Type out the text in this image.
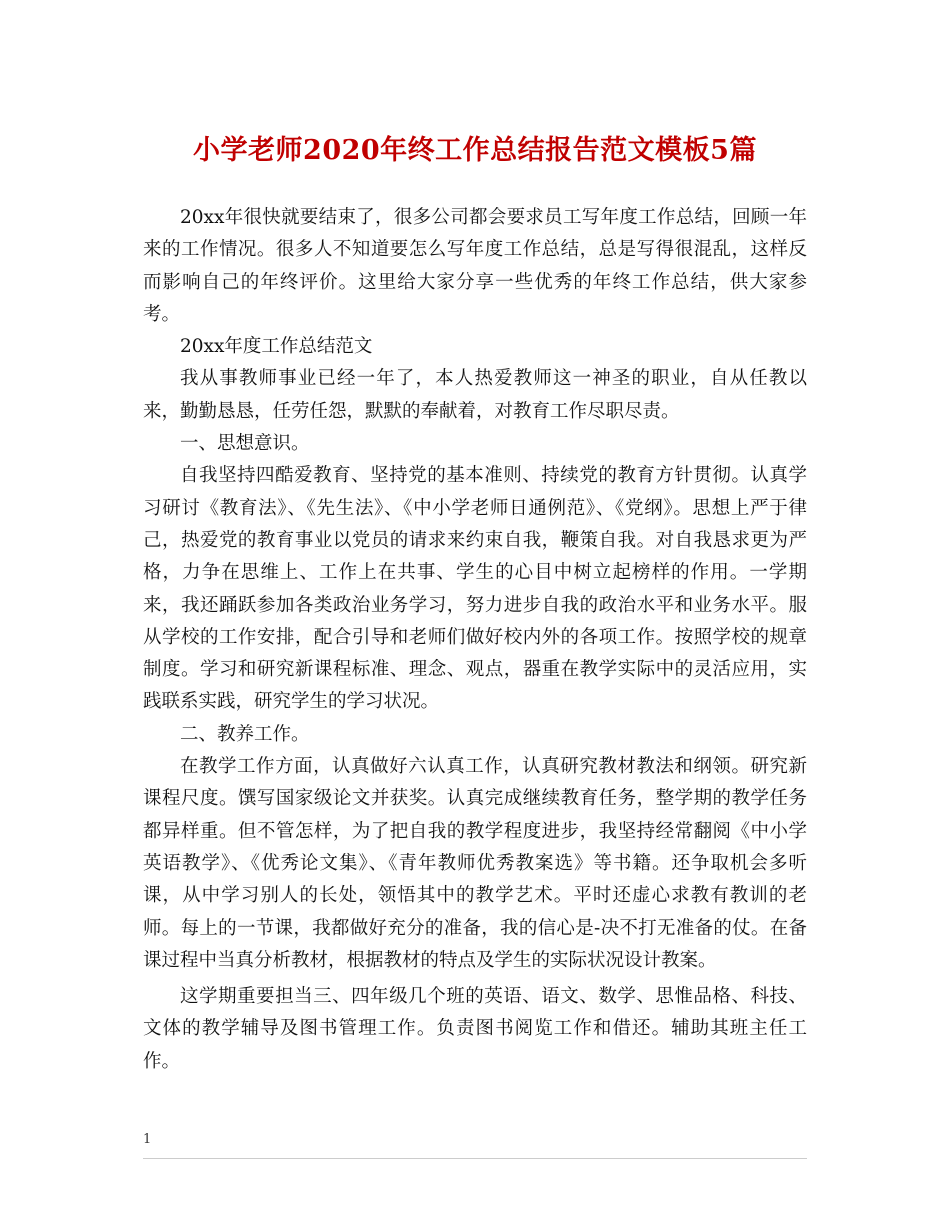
小学老师2020年终工作总结报告范文模板5篇

20xx年很快就要结束了，很多公司都会要求员工写年度工作总结，回顾一年来的工作情况。很多人不知道要怎么写年度工作总结，总是写得很混乱，这样反而影响自己的年终评价。这里给大家分享一些优秀的年终工作总结，供大家参考。

20xx年度工作总结范文

我从事教师事业已经一年了，本人热爱教师这一神圣的职业，自从任教以来，勤勤恳恳，任劳任怨，默默的奉献着，对教育工作尽职尽责。

一、思想意识。

自我坚持四酷爱教育、坚持党的基本准则、持续党的教育方针贯彻。认真学习研讨《教育法》、《先生法》、《中小学老师日通例范》、《党纲》。思想上严于律己，热爱党的教育事业以党员的请求来约束自我，鞭策自我。对自我恳求更为严格，力争在思维上、工作上在共事、学生的心目中树立起榜样的作用。一学期来，我还踊跃参加各类政治业务学习，努力进步自我的政治水平和业务水平。服从学校的工作安排，配合引导和老师们做好校内外的各项工作。按照学校的规章制度。学习和研究新课程标准、理念、观点，器重在教学实际中的灵活应用，实践联系实践，研究学生的学习状况。

二、教养工作。

在教学工作方面，认真做好六认真工作，认真研究教材教法和纲领。研究新课程尺度。馔写国家级论文并获奖。认真完成继续教育任务，整学期的教学任务都异样重。但不管怎样，为了把自我的教学程度进步，我坚持经常翻阅《中小学英语教学》、《优秀论文集》、《青年教师优秀教案选》等书籍。还争取机会多听课，从中学习别人的长处，领悟其中的教学艺术。平时还虚心求教有教训的老师。每上的一节课，我都做好充分的准备，我的信心是-决不打无准备的仗。在备课过程中当真分析教材，根据教材的特点及学生的实际状况设计教案。

这学期重要担当三、四年级几个班的英语、语文、数学、思惟品格、科技、文体的教学辅导及图书管理工作。负责图书阅览工作和借还。辅助其班主任工作。

1
